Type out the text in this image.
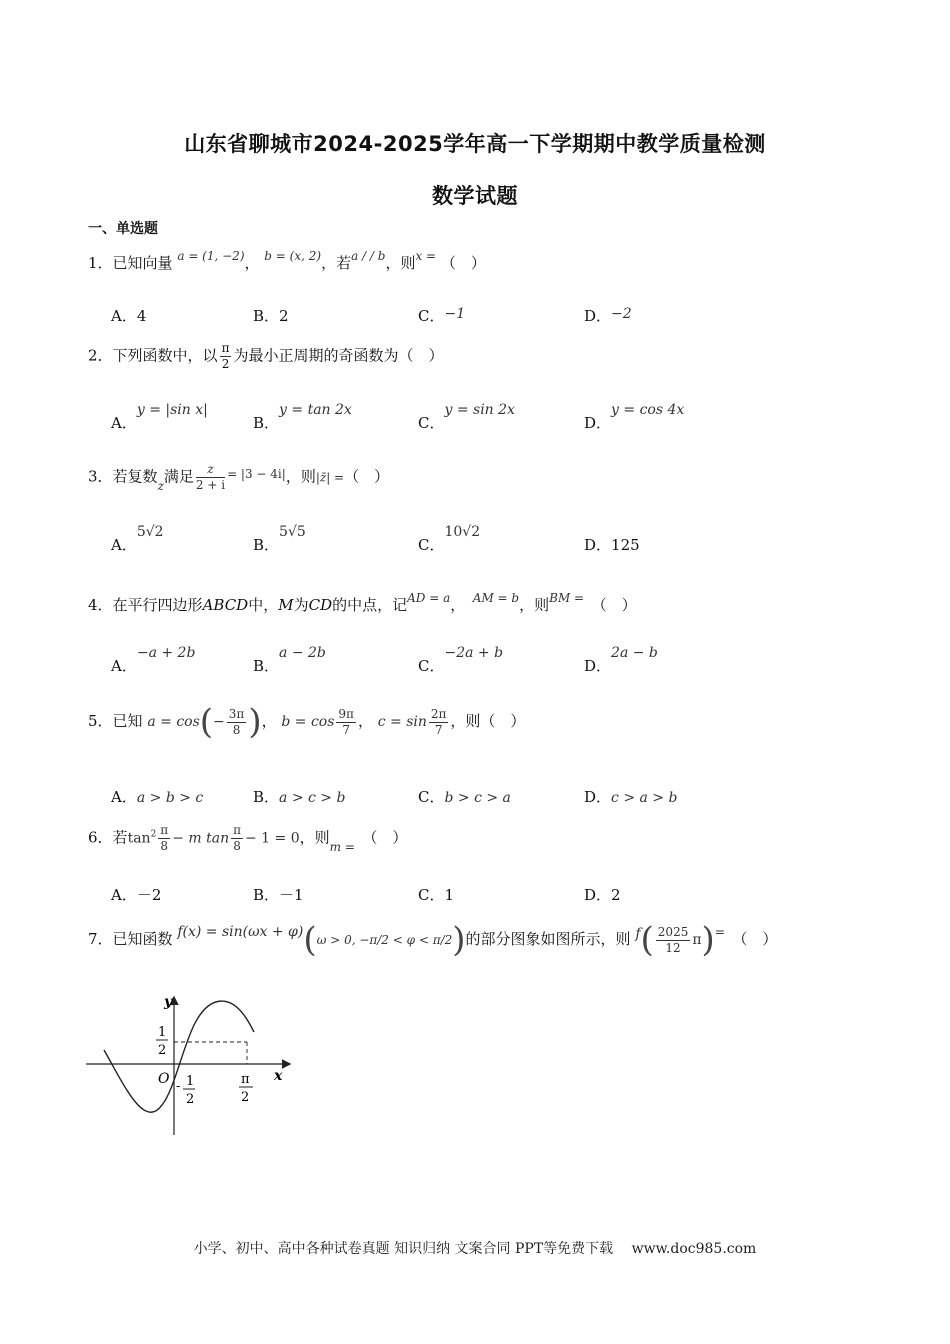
山东省聊城市2024-2025学年高一下学期期中教学质量检测
数学试题
一、单选题
1．已知向量 $^{a = (1, -2)}$， $^{b = (x, 2)}$，若$^{a / / b}$，则$^{x =}$ （　）
A．4	B．2	C．−1	D．−2
2．下列函数中，以 $\frac{\pi}{2}$ 为最小正周期的奇函数为（　）
A．y = |sin x|
B．y = tan 2x
C．y = sin 2x
D．y = cos 4x
3．若复数$_z$满足 $\frac{z}{2 + i} ^{= |3 - 4i|}$，则|z̄| =（　）
A．5√2
B．5√5
C．10√2
D．125
4．在平行四边形ABCD中，M为CD的中点，记$^{AD = a}$，　 $^{AM = b}$，则$^{BM =}$　 （　）
A．−a + 2b
B．a − 2b
C．−2a + b
D．2a − b
5．已知 $a = \cos(- \frac{3\pi}{8}$ )， $b = \cos \frac{9\pi}{7}$ ， $c = \sin \frac{2\pi}{7}$ ，则（　）
A．a > b > c	B．a > c > b	C．b > c > a	D．c > a > b
6．若$\tan^2 \frac{\pi}{8} - m$ $\tan \frac{\pi}{8} - 1 = 0$，则$_{m =}$　 （　）
A．－2	B．－1	C．1	D．2
7．已知函数 f(x) = sin(ωx + φ)(ω > 0, −π/2 < φ < π/2)的部分图象如图所示，则 $f( \frac{2025}{12} \pi)^=$　 （　）
y
x
O
1
2
- 1
2
π
2
小学、初中、高中各种试卷真题 知识归纳 文案合同 PPT等免费下载　 www.doc985.com
